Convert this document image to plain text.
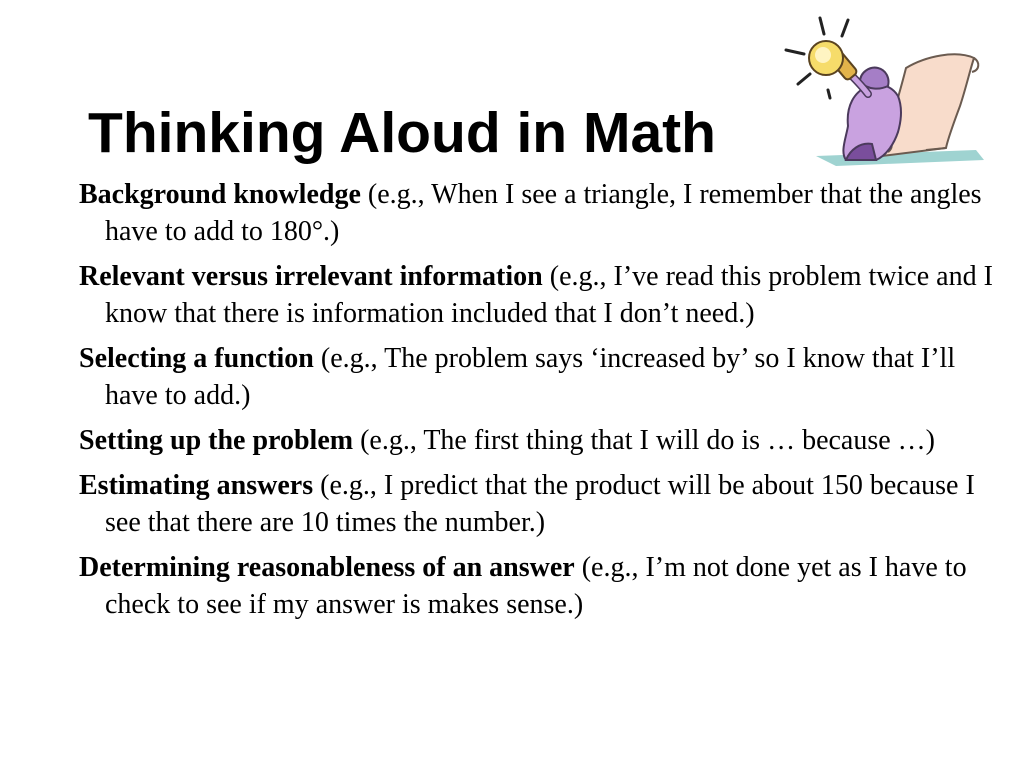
Thinking Aloud in Math
Background knowledge (e.g., When I see a triangle, I remember that the angles have to add to 180°.)
Relevant versus irrelevant information (e.g., I’ve read this problem twice and I know that there is information included that I don’t need.)
Selecting a function (e.g., The problem says ‘increased by’ so I know that I’ll have to add.)
Setting up the problem (e.g., The first thing that I will do is … because …)
Estimating answers (e.g., I predict that the product will be about 150 because I see that there are 10 times the number.)
Determining reasonableness of an answer (e.g., I’m not done yet as I have to check to see if my answer is makes sense.)
